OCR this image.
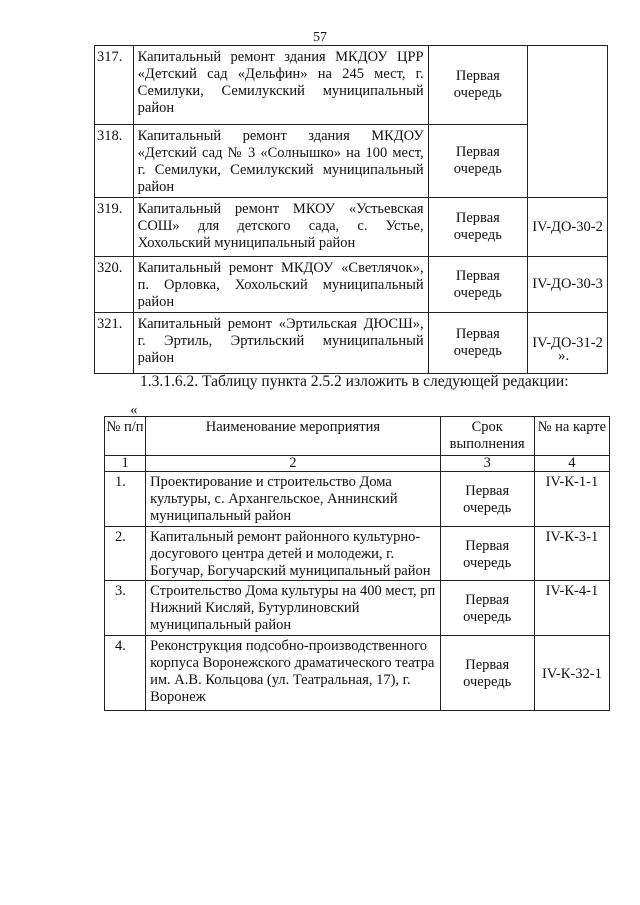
57
317.	Капитальный ремонт здания МКДОУ ЦРР
«Детский сад «Дельфин» на 245 мест, г.
Семилуки, Семилукский муниципальный
район	Первая очередь	
318.	Капитальный ремонт здания МКДОУ
«Детский сад № 3 «Солнышко» на 100 мест,
г. Семилуки, Семилукский муниципальный
район	Первая очередь	
319.	Капитальный ремонт МКОУ «Устьевская
СОШ» для детского сада, с. Устье,
Хохольский муниципальный район	Первая очередь	IV-ДО-30-2
320.	Капитальный ремонт МКДОУ «Светлячок»,
п. Орловка, Хохольский муниципальный
район	Первая очередь	IV-ДО-30-3
321.	Капитальный ремонт «Эртильская ДЮСШ»,
г. Эртиль, Эртильский муниципальный
район	Первая очередь	IV-ДО-31-2
».
1.3.1.6.2. Таблицу пункта 2.5.2 изложить в следующей редакции:
«
№ п/п	Наименование мероприятия	Срок выполнения	№ на карте
1	2	3	4
1.	Проектирование и строительство Дома культуры, с. Архангельское, Аннинский муниципальный район	Первая очередь	IV-К-1-1
2.	Капитальный ремонт районного культурно-досугового центра детей и молодежи, г. Богучар, Богучарский муниципальный район	Первая очередь	IV-К-3-1
3.	Строительство Дома культуры на 400 мест, рп Нижний Кисляй, Бутурлиновский муниципальный район	Первая очередь	IV-К-4-1
4.	Реконструкция подсобно-производственного корпуса Воронежского драматического театра им. А.В. Кольцова (ул. Театральная, 17), г. Воронеж	Первая очередь	IV-К-32-1
